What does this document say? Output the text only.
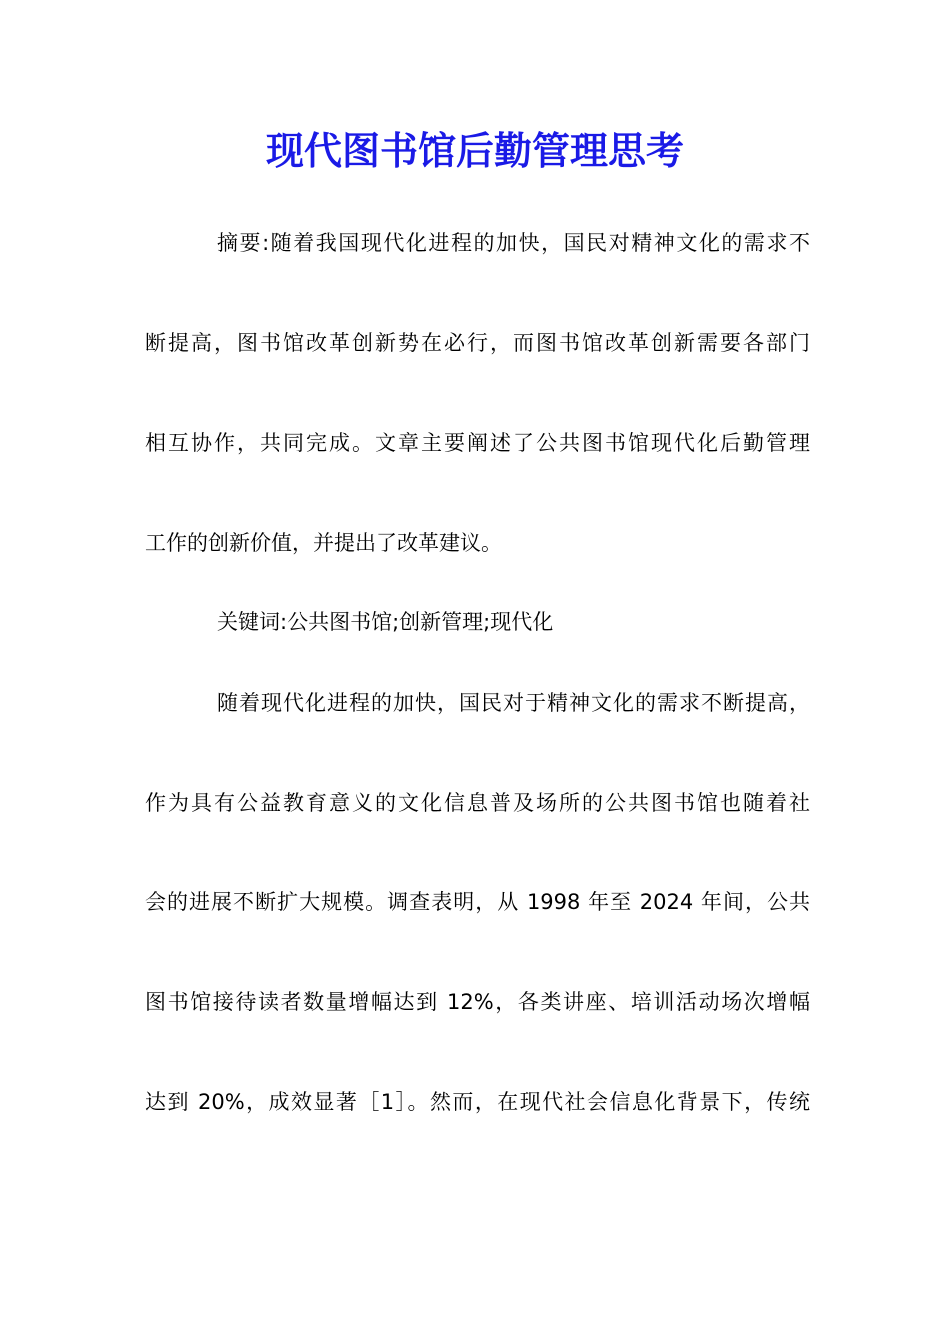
现代图书馆后勤管理思考
摘要:随着我国现代化进程的加快，国民对精神文化的需求不
断提高，图书馆改革创新势在必行，而图书馆改革创新需要各部门
相互协作，共同完成。文章主要阐述了公共图书馆现代化后勤管理
工作的创新价值，并提出了改革建议。
关键词:公共图书馆;创新管理;现代化
随着现代化进程的加快，国民对于精神文化的需求不断提高，
作为具有公益教育意义的文化信息普及场所的公共图书馆也随着社
会的进展不断扩大规模。调查表明，从 1998 年至 2024 年间，公共
图书馆接待读者数量增幅达到 12%，各类讲座、培训活动场次增幅
达到 20%，成效显著［1］。然而，在现代社会信息化背景下，传统
